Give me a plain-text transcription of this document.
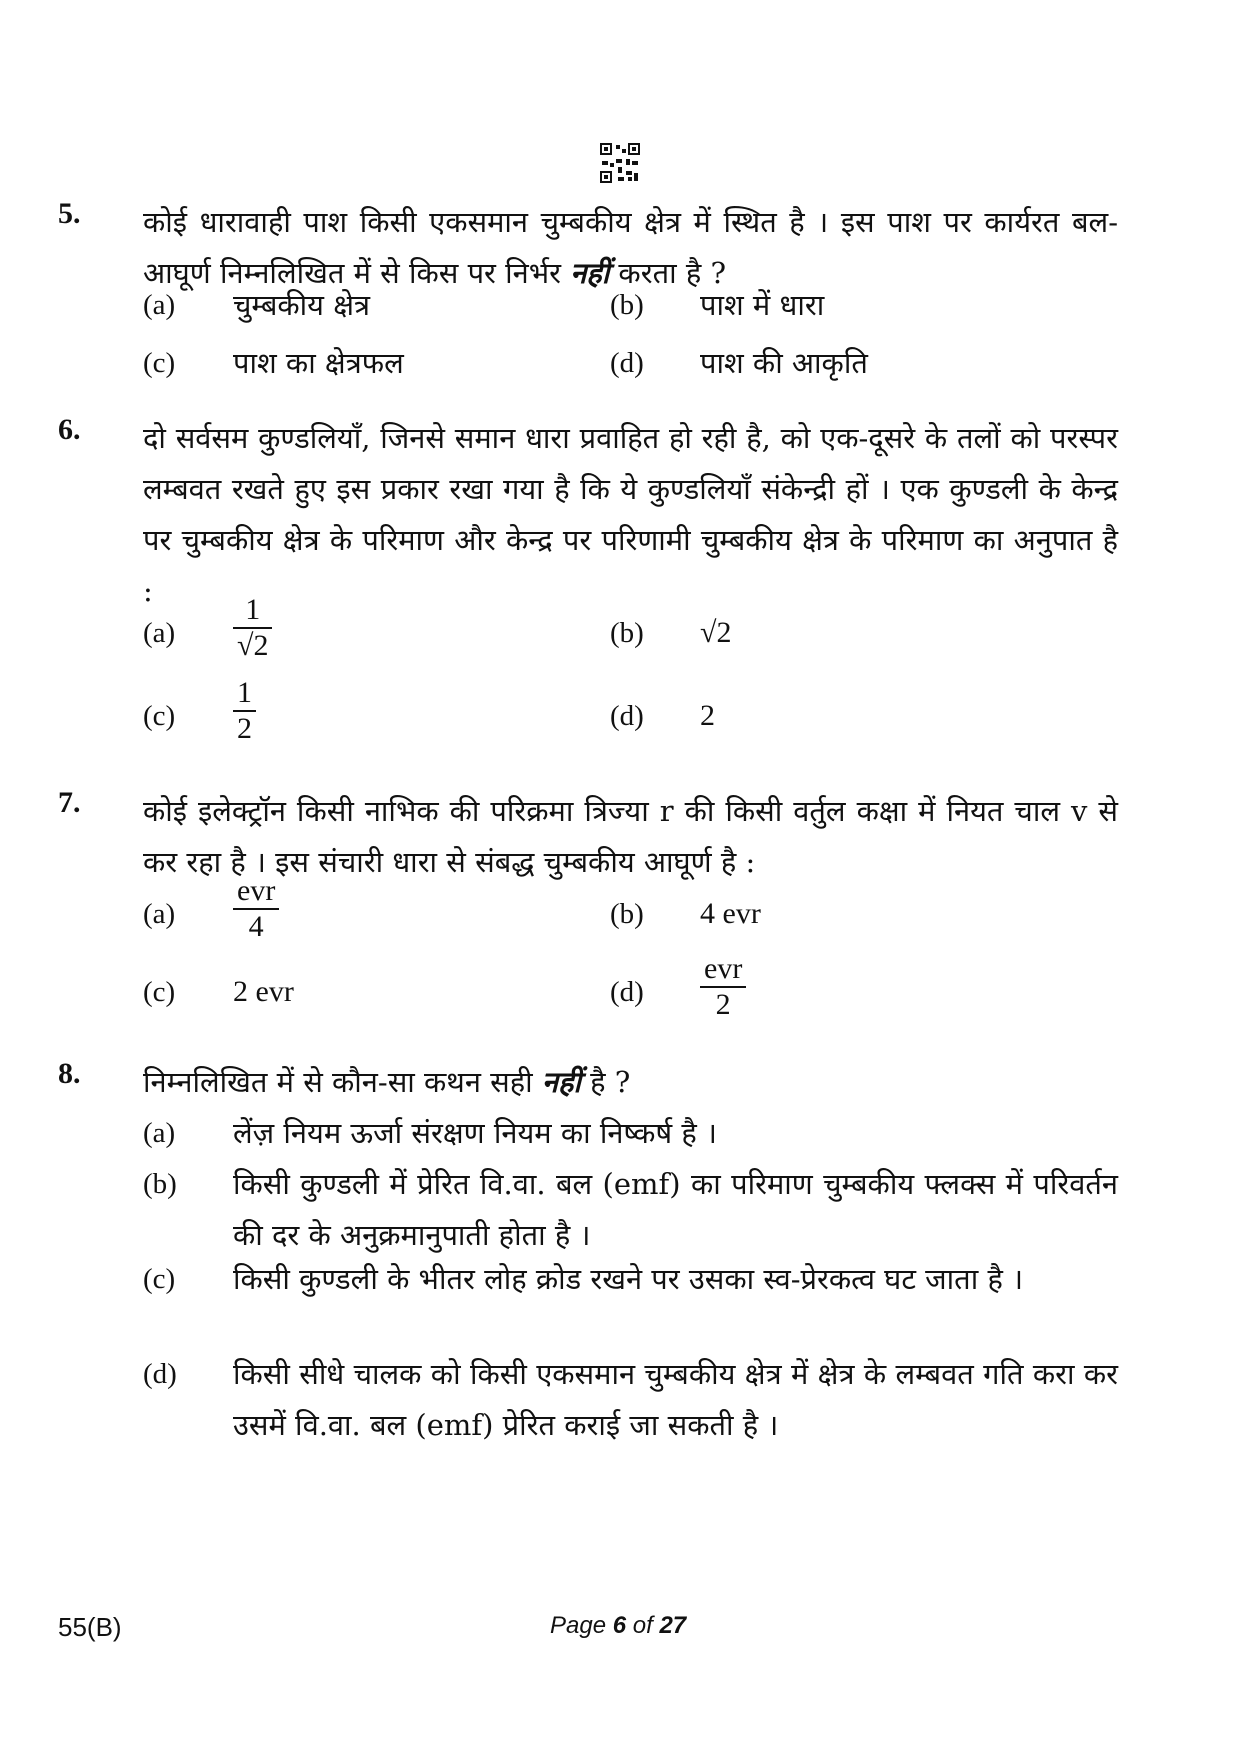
5. कोई धारावाही पाश किसी एकसमान चुम्बकीय क्षेत्र में स्थित है । इस पाश पर कार्यरत बल-आघूर्ण निम्नलिखित में से किस पर निर्भर नहीं करता है ?
(a) चुम्बकीय क्षेत्र	(b) पाश में धारा
(c) पाश का क्षेत्रफल	(d) पाश की आकृति
6. दो सर्वसम कुण्डलियाँ, जिनसे समान धारा प्रवाहित हो रही है, को एक-दूसरे के तलों को परस्पर लम्बवत रखते हुए इस प्रकार रखा गया है कि ये कुण्डलियाँ संकेन्द्री हों । एक कुण्डली के केन्द्र पर चुम्बकीय क्षेत्र के परिमाण और केन्द्र पर परिणामी चुम्बकीय क्षेत्र के परिमाण का अनुपात है :
$(a) \frac{1}{√2}$	(b) √2
$(c) \frac{1}{2}$	(d) 2
7. कोई इलेक्ट्रॉन किसी नाभिक की परिक्रमा त्रिज्या r की किसी वर्तुल कक्षा में नियत चाल v से कर रहा है । इस संचारी धारा से संबद्ध चुम्बकीय आघूर्ण है :
$(a) \frac{\text{evr}}{4}$	(b) 4 evr
(c) 2 evr	$(d) \frac{\text{evr}}{2}$
8. निम्नलिखित में से कौन-सा कथन सही नहीं है ?
(a) लेंज़ नियम ऊर्जा संरक्षण नियम का निष्कर्ष है ।
(b) किसी कुण्डली में प्रेरित वि.वा. बल (emf) का परिमाण चुम्बकीय फ्लक्स में परिवर्तन की दर के अनुक्रमानुपाती होता है ।
(c) किसी कुण्डली के भीतर लोह क्रोड रखने पर उसका स्व-प्रेरकत्व घट जाता है ।
(d) किसी सीधे चालक को किसी एकसमान चुम्बकीय क्षेत्र में क्षेत्र के लम्बवत गति करा कर उसमें वि.वा. बल (emf) प्रेरित कराई जा सकती है ।
55(B)	Page 6 of 27
